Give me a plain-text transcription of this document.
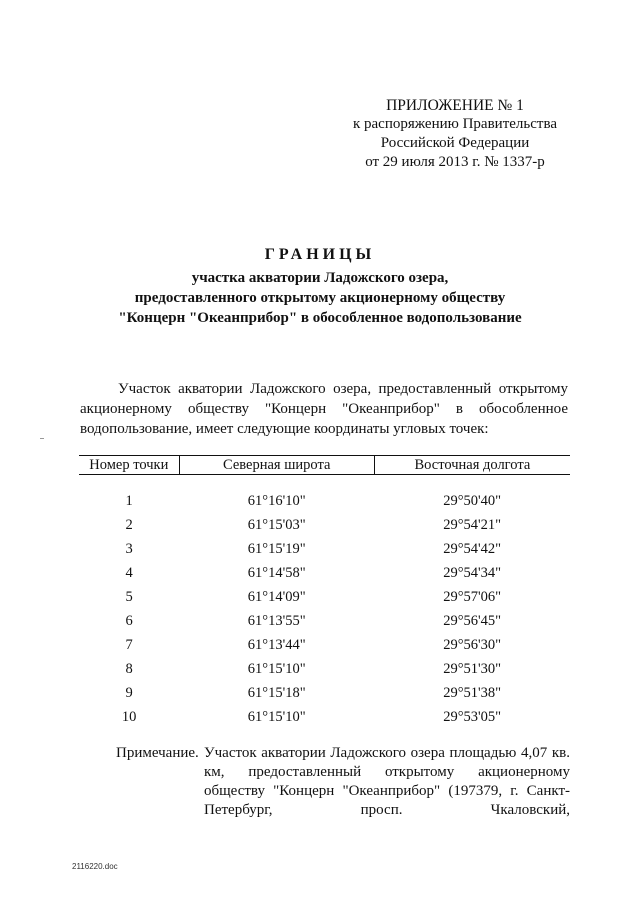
ПРИЛОЖЕНИЕ № 1
к распоряжению Правительства
Российской Федерации
от 29 июля 2013 г. № 1337-р
ГРАНИЦЫ
участка акватории Ладожского озера,
предоставленного открытому акционерному обществу
"Концерн "Океанприбор" в обособленное водопользование

Участок акватории Ладожского озера, предоставленный открытому акционерному обществу "Концерн "Океанприбор" в обособленное водопользование, имеет следующие координаты угловых точек:

Номер точки	Северная широта	Восточная долгота

1	61°16'10"	29°50'40"
2	61°15'03"	29°54'21"
3	61°15'19"	29°54'42"
4	61°14'58"	29°54'34"
5	61°14'09"	29°57'06"
6	61°13'55"	29°56'45"
7	61°13'44"	29°56'30"
8	61°15'10"	29°51'30"
9	61°15'18"	29°51'38"
10	61°15'10"	29°53'05"
Примечание. Участок акватории Ладожского озера площадью 4,07 кв. км, предоставленный открытому акционерному обществу "Концерн "Океанприбор" (197379, г. Санкт-Петербург, просп. Чкаловский,
2116220.doc
